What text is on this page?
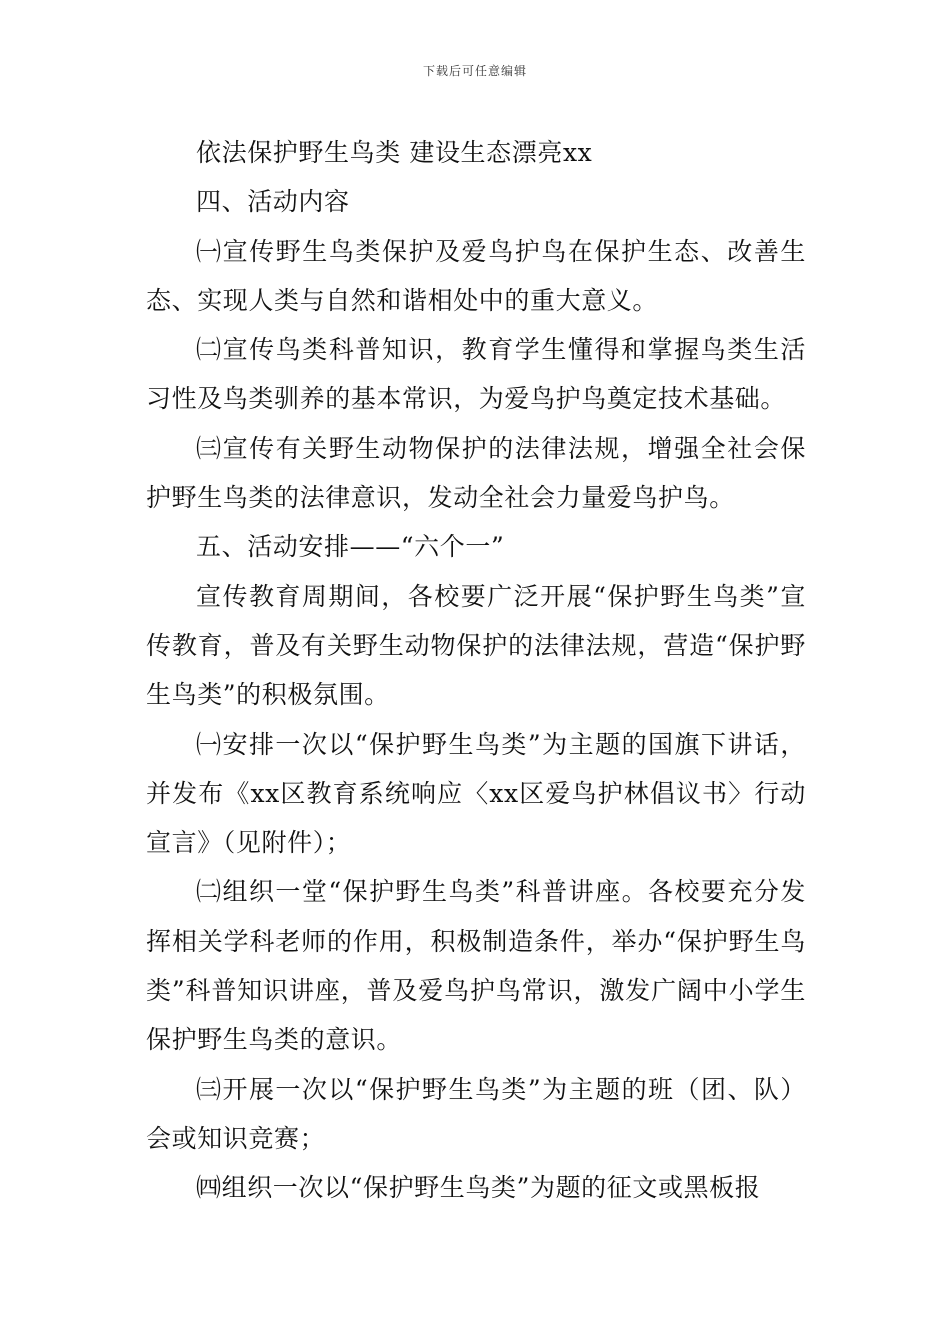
下载后可任意编辑

依法保护野生鸟类 建设生态漂亮xx

四、活动内容

㈠宣传野生鸟类保护及爱鸟护鸟在保护生态、改善生态、实现人类与自然和谐相处中的重大意义。

㈡宣传鸟类科普知识，教育学生懂得和掌握鸟类生活习性及鸟类驯养的基本常识，为爱鸟护鸟奠定技术基础。

㈢宣传有关野生动物保护的法律法规，增强全社会保护野生鸟类的法律意识，发动全社会力量爱鸟护鸟。

五、活动安排——“六个一”

宣传教育周期间，各校要广泛开展“保护野生鸟类”宣传教育，普及有关野生动物保护的法律法规，营造“保护野生鸟类”的积极氛围。

㈠安排一次以“保护野生鸟类”为主题的国旗下讲话，并发布《xx区教育系统响应〈xx区爱鸟护林倡议书〉行动宣言》（见附件）；

㈡组织一堂“保护野生鸟类”科普讲座。各校要充分发挥相关学科老师的作用，积极制造条件，举办“保护野生鸟类”科普知识讲座，普及爱鸟护鸟常识，激发广阔中小学生保护野生鸟类的意识。

㈢开展一次以“保护野生鸟类”为主题的班（团、队）会或知识竞赛；

㈣组织一次以“保护野生鸟类”为题的征文或黑板报
